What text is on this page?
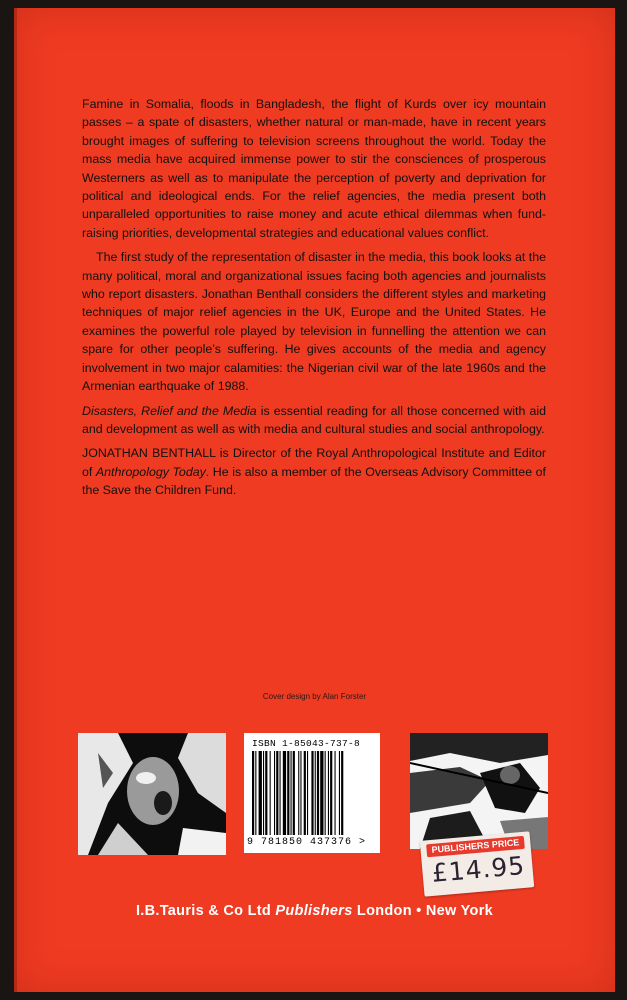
Famine in Somalia, floods in Bangladesh, the flight of Kurds over icy mountain passes – a spate of disasters, whether natural or man-made, have in recent years brought images of suffering to television screens throughout the world. Today the mass media have acquired immense power to stir the consciences of prosperous Westerners as well as to manipulate the perception of poverty and deprivation for political and ideological ends. For the relief agencies, the media present both unparalleled opportunities to raise money and acute ethical dilemmas when fund-raising priorities, developmental strategies and educational values conflict.

The first study of the representation of disaster in the media, this book looks at the many political, moral and organizational issues facing both agencies and journalists who report disasters. Jonathan Benthall considers the different styles and marketing techniques of major relief agencies in the UK, Europe and the United States. He examines the powerful role played by television in funnelling the attention we can spare for other people’s suffering. He gives accounts of the media and agency involvement in two major calamities: the Nigerian civil war of the late 1960s and the Armenian earthquake of 1988.

Disasters, Relief and the Media is essential reading for all those concerned with aid and development as well as with media and cultural studies and social anthropology.

JONATHAN BENTHALL is Director of the Royal Anthropological Institute and Editor of Anthropology Today. He is also a member of the Overseas Advisory Committee of the Save the Children Fund.

Cover design by Alan Forster
ISBN 1-85043-737-8
9 781850 437376 >	PUBLISHERS PRICE
£14.95
I.B.Tauris & Co Ltd Publishers London • New York
